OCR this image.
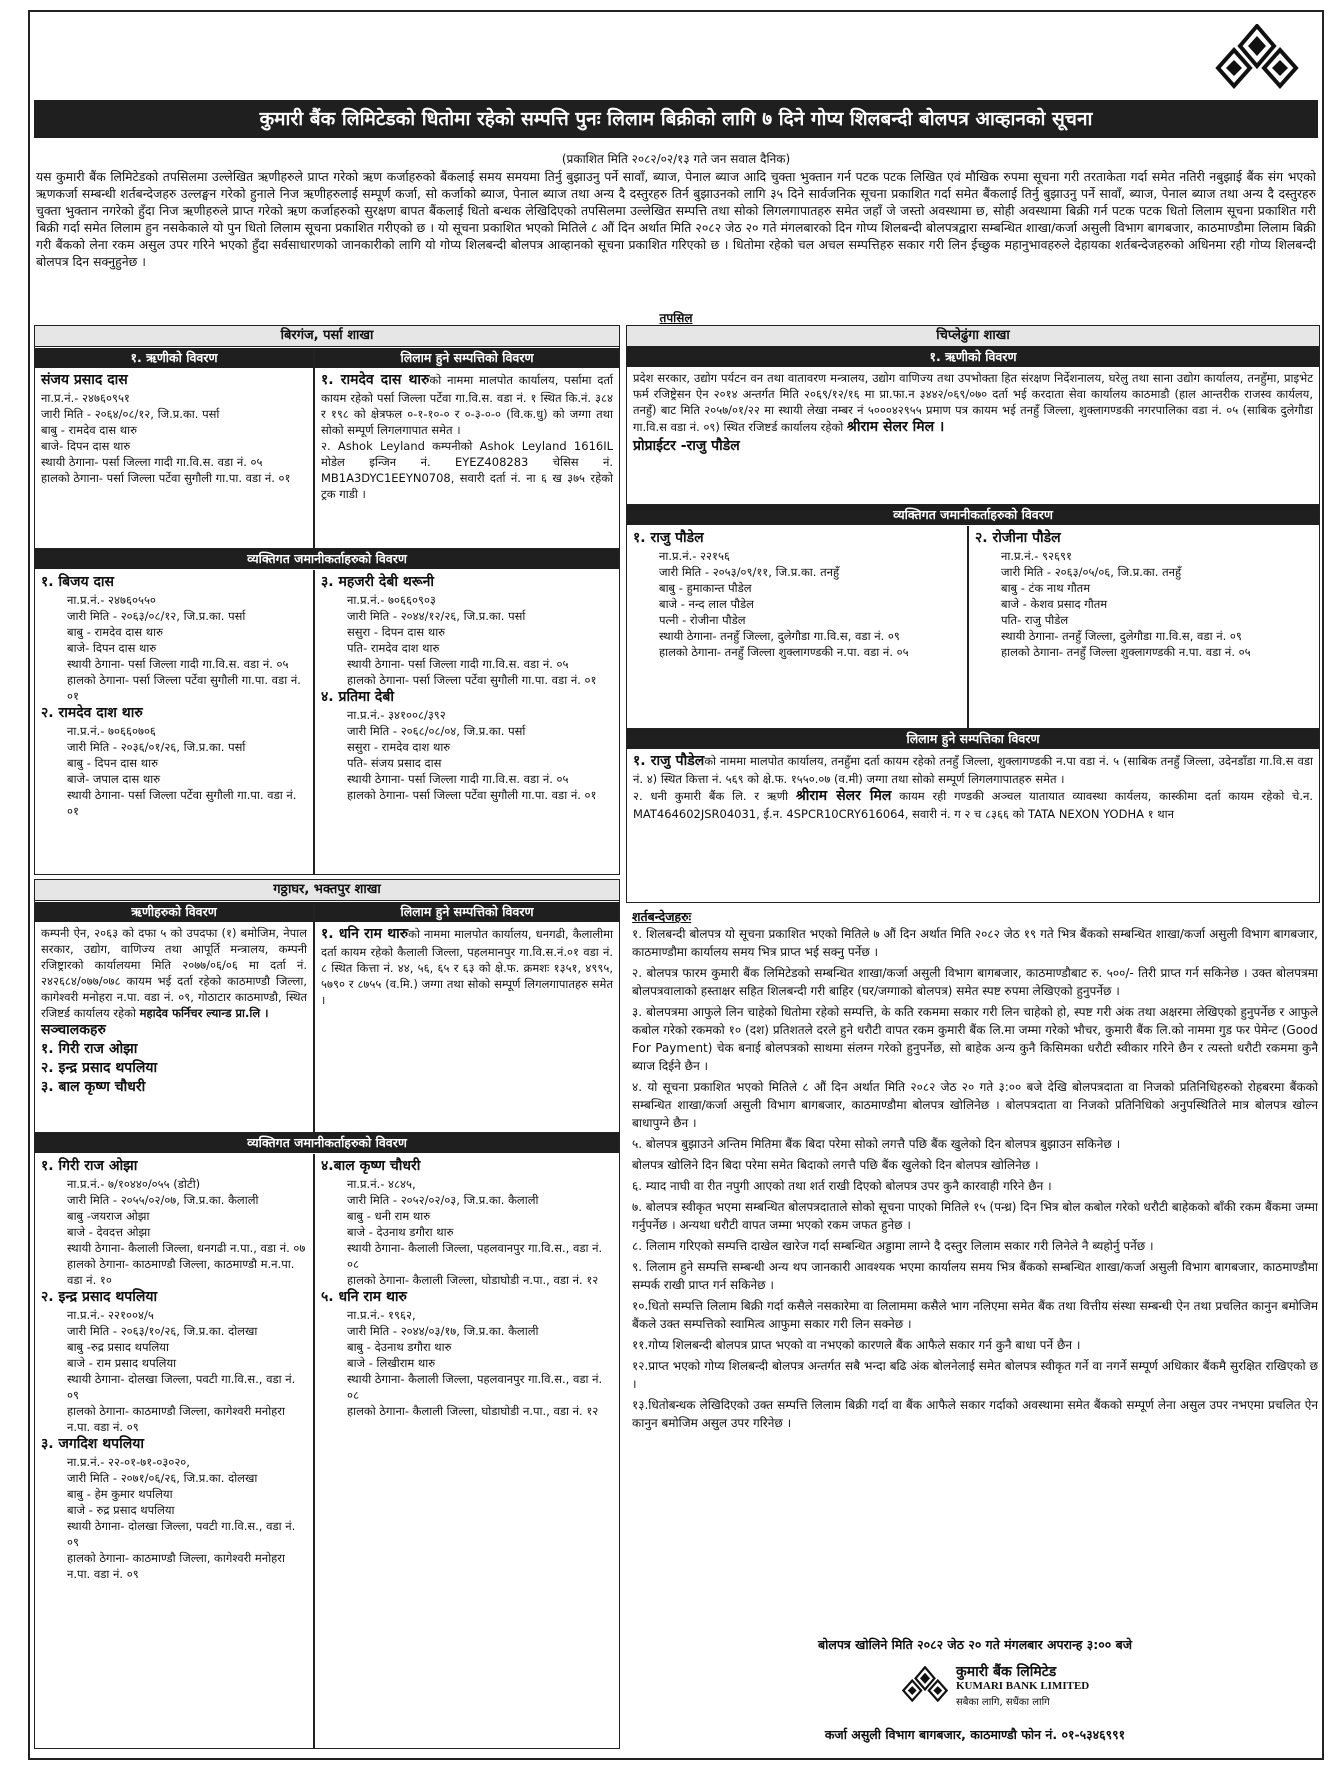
कुमारी बैंक लिमिटेडको धितोमा रहेको सम्पत्ति पुनः लिलाम बिक्रीको लागि ७ दिने गोप्य शिलबन्दी बोलपत्र आव्हानको सूचना
(प्रकाशित मिति २०८२/०२/१३ गते जन सवाल दैनिक)
यस कुमारी बैंक लिमिटेडको तपसिलमा उल्लेखित ऋणीहरुले प्राप्त गरेको ऋण कर्जाहरुको बैंकलाई समय समयमा तिर्नु बुझाउनु पर्ने सावाँ, ब्याज, पेनाल ब्याज आदि चुक्ता भुक्तान गर्न पटक पटक लिखित एवं मौखिक रुपमा सूचना गरी तरताकेता गर्दा समेत नतिरी नबुझाई बैंक संग भएको ऋणकर्जा सम्बन्धी शर्तबन्देजहरु उल्लङ्घन गरेको हुनाले निज ऋणीहरुलाई सम्पूर्ण कर्जा, सो कर्जाको ब्याज, पेनाल ब्याज तथा अन्य दै दस्तुरहरु तिर्न बुझाउनको लागि ३५ दिने सार्वजनिक सूचना प्रकाशित गर्दा समेत बैंकलाई तिर्नु बुझाउनु पर्ने सावाँ, ब्याज, पेनाल ब्याज तथा अन्य दै दस्तुरहरु चुक्ता भुक्तान नगरेको हुँदा निज ऋणीहरुले प्राप्त गरेको ऋण कर्जाहरुको सुरक्षण बापत बैंकलाई धितो बन्धक लेखिदिएको तपसिलमा उल्लेखित सम्पत्ति तथा सोको लिगलगापातहरु समेत जहाँ जे जस्तो अवस्थामा छ, सोही अवस्थामा बिक्री गर्न पटक पटक धितो लिलाम सूचना प्रकाशित गरी बिक्री गर्दा समेत लिलाम हुन नसकेकाले यो पुन धितो लिलाम सूचना प्रकाशित गरीएको छ । यो सूचना प्रकाशित भएको मितिले ८ औं दिन अर्थात मिति २०८२ जेठ २० गते मंगलबारको दिन गोप्य शिलबन्दी बोलपत्रद्वारा सम्बन्धित शाखा/कर्जा असुली विभाग बागबजार, काठमाण्डौमा लिलाम बिक्री गरी बैंकको लेना रकम असुल उपर गरिने भएको हुँदा सर्वसाधारणको जानकारीको लागि यो गोप्य शिलबन्दी बोलपत्र आव्हानको सूचना प्रकाशित गरिएको छ । धितोमा रहेको चल अचल सम्पत्तिहरु सकार गरी लिन ईच्छुक महानुभावहरुले देहायका शर्तबन्देजहरुको अधिनमा रही गोप्य शिलबन्दी बोलपत्र दिन सक्नुहुनेछ ।
तपसिल
बिरगंज, पर्सा शाखा
१. ऋणीको विवरण
संजय प्रसाद दास
ना.प्र.नं.- २४७६०९५१
जारी मिति - २०६४/०८/१२, जि.प्र.का. पर्सा
बाबु - रामदेव दास थारु
बाजे- दिपन दास थारु
स्थायी ठेगाना- पर्सा जिल्ला गादी गा.वि.स. वडा नं. ०५
हालको ठेगाना- पर्सा जिल्ला पर्टेवा सुगौली गा.पा. वडा नं. ०१
लिलाम हुने सम्पत्तिको विवरण
१. रामदेव दास थारुको नाममा मालपोत कार्यालय, पर्सामा दर्ता कायम रहेको पर्सा जिल्ला पर्टेवा गा.वि.स. वडा नं. १ स्थित कि.नं. ३८४ र १९८ को क्षेत्रफल ०-१-१०-० र ०-३-०-० (वि.क.धु) को जग्गा तथा सोको सम्पूर्ण लिगलगापात समेत ।
२. Ashok Leyland कम्पनीको Ashok Leyland 1616IL मोडेल इन्जिन नं. EYEZ408283 चेसिस नं. MB1A3DYC1EEYN0708, सवारी दर्ता नं. ना ६ ख ३७५ रहेको ट्रक गाडी ।
व्यक्तिगत जमानीकर्ताहरुको विवरण
१. बिजय दास
ना.प्र.नं.- २४७६०५५०
जारी मिति - २०६३/०८/१२, जि.प्र.का. पर्सा
बाबु - रामदेव दास थारु
बाजे- दिपन दास थारु
स्थायी ठेगाना- पर्सा जिल्ला गादी गा.वि.स. वडा नं. ०५
हालको ठेगाना- पर्सा जिल्ला पर्टेवा सुगौली गा.पा. वडा नं. ०१
२. रामदेव दाश थारु
ना.प्र.नं.- ७०६६०७०६
जारी मिति - २०३६/०१/२६, जि.प्र.का. पर्सा
बाबु - दिपन दास थारु
बाजे- जपाल दास थारु
स्थायी ठेगाना- पर्सा जिल्ला पर्टेवा सुगौली गा.पा. वडा नं. ०१
३. महजरी देबी थरूनी
ना.प्र.नं.- ७०६६०९०३
जारी मिति - २०४४/१२/२६, जि.प्र.का. पर्सा
ससुरा - दिपन दास थारु
पति- रामदेव दाश थारु
स्थायी ठेगाना- पर्सा जिल्ला गादी गा.वि.स. वडा नं. ०५
हालको ठेगाना- पर्सा जिल्ला पर्टेवा सुगौली गा.पा. वडा नं. ०१
४. प्रतिमा देबी
ना.प्र.नं.- ३४१००८/३९२
जारी मिति - २०६८/०८/०४, जि.प्र.का. पर्सा
ससुरा - रामदेव दाश थारु
पति- संजय प्रसाद दास
स्थायी ठेगाना- पर्सा जिल्ला गादी गा.वि.स. वडा नं. ०५
हालको ठेगाना- पर्सा जिल्ला पर्टेवा सुगौली गा.पा. वडा नं. ०१
गठ्ठाघर, भक्तपुर शाखा
ऋणीहरुको विवरण
कम्पनी ऐन, २०६३ को दफा ५ को उपदफा (१) बमोजिम, नेपाल सरकार, उद्योग, वाणिज्य तथा आपूर्ति मन्त्रालय, कम्पनी रजिष्ट्रारको कार्यालयमा मिति २०७७/०६/०६ मा दर्ता नं. २४२६८४/०७७/०७८ कायम भई दर्ता रहेको काठमाण्डौ जिल्ला, कागेश्वरी मनोहरा न.पा. वडा नं. ०९, गोठाटार काठमाण्डौ, स्थित रजिष्टर्ड कार्यालय रहेको महादेव फर्निचर ल्यान्ड प्रा.लि ।
सञ्चालकहरु
१. गिरी राज ओझा
२. इन्द्र प्रसाद थपलिया
३. बाल कृष्ण चौधरी
लिलाम हुने सम्पत्तिको विवरण
१. धनि राम थारुको नाममा मालपोत कार्यालय, धनगढी, कैलालीमा दर्ता कायम रहेको कैलाली जिल्ला, पहलमानपुर गा.वि.स.नं.०१ वडा नं. ८ स्थित कित्ता नं. ४४, ५६, ६५ र ६३ को क्षे.फ. क्रमशः १३५१, ४९९५, ५७९० र ८७५५ (व.मि.) जग्गा तथा सोको सम्पूर्ण लिगलगापातहरु समेत ।
व्यक्तिगत जमानीकर्ताहरुको विवरण
१. गिरी राज ओझा
ना.प्र.नं.- ७/१०४४०/०५५ (डोटी)
जारी मिति - २०५५/०२/०७, जि.प्र.का. कैलाली
बाबु -जयराज ओझा
बाजे - देवदत्त ओझा
स्थायी ठेगाना- कैलाली जिल्ला, धनगढी न.पा., वडा नं. ०७
हालको ठेगाना- काठमाण्डौ जिल्ला, काठमाण्डौ म.न.पा. वडा नं. १०
२. इन्द्र प्रसाद थपलिया
ना.प्र.नं.- २२१००४/५
जारी मिति - २०६३/१०/२६, जि.प्र.का. दोलखा
बाबु -रुद्र प्रसाद थपलिया
बाजे - राम प्रसाद थपलिया
स्थायी ठेगाना- दोलखा जिल्ला, पवटी गा.वि.स., वडा नं. ०९
हालको ठेगाना- काठमाण्डौ जिल्ला, कागेश्वरी मनोहरा न.पा. वडा नं. ०९
३. जगदिश थपलिया
ना.प्र.नं.- २२-०१-७१-०३०२०,
जारी मिति - २०७१/०६/२६, जि.प्र.का. दोलखा
बाबु - हेम कुमार थपलिया
बाजे - रुद्र प्रसाद थपलिया
स्थायी ठेगाना- दोलखा जिल्ला, पवटी गा.वि.स., वडा नं. ०९
हालको ठेगाना- काठमाण्डौ जिल्ला, कागेश्वरी मनोहरा न.पा. वडा नं. ०९
४.बाल कृष्ण चौधरी
ना.प्र.नं.- ४८४५,
जारी मिति - २०५२/०२/०३, जि.प्र.का. कैलाली
बाबु - धनी राम थारु
बाजे - देउनाथ डगौरा थारु
स्थायी ठेगाना- कैलाली जिल्ला, पहलवानपुर गा.वि.स., वडा नं. ०८
हालको ठेगाना- कैलाली जिल्ला, घोडाघोडी न.पा., वडा नं. १२
५. धनि राम थारु
ना.प्र.नं.- १९६२,
जारी मिति - २०४४/०३/१७, जि.प्र.का. कैलाली
बाबु - देउनाथ डगौरा थारु
बाजे - लिखीराम थारु
स्थायी ठेगाना- कैलाली जिल्ला, पहलवानपुर गा.वि.स., वडा नं. ०८
हालको ठेगाना- कैलाली जिल्ला, घोडाघोडी न.पा., वडा नं. १२
चिप्लेढुंगा शाखा
१. ऋणीको विवरण
प्रदेश सरकार, उद्योग पर्यटन वन तथा वातावरण मन्त्रालय, उद्योग वाणिज्य तथा उपभोक्ता हित संरक्षण निर्देशनालय, घरेलु तथा साना उद्योग कार्यालय, तनहुँमा, प्राइभेट फर्म रजिष्ट्रेसन ऐन २०१४ अन्तर्गत मिति २०६९/१२/१६ मा प्रा.फा.न ३४४२/०६९/०७० दर्ता भई करदाता सेवा कार्यालय काठमाडौ (हाल आन्तरीक राजस्व कार्यलय, तनहुँ) बाट मिति २०५७/०१/२२ मा स्थायी लेखा नम्बर नं ५०००४२९५५ प्रमाण पत्र कायम भई तनहुँ जिल्ला, शुक्लागण्डकी नगरपालिका वडा नं. ०५ (साबिक दुलेगौडा गा.वि.स वडा नं. ०९) स्थित रजिष्टर्ड कार्यालय रहेको श्रीराम सेलर मिल ।
प्रोप्राईटर -राजु पौडेल
व्यक्तिगत जमानीकर्ताहरुको विवरण
१. राजु पौडेल
ना.प्र.नं.- २२१५६
जारी मिति - २०५३/०९/११, जि.प्र.का. तनहुँ
बाबु - हुमाकान्त पौडेल
बाजे - नन्द लाल पौडेल
पत्नी - रोजीना पौडेल
स्थायी ठेगाना- तनहुँ जिल्ला, दुलेगौडा गा.वि.स, वडा नं. ०९
हालको ठेगाना- तनहुँ जिल्ला शुक्लागण्डकी न.पा. वडा नं. ०५
२. रोजीना पौडेल
ना.प्र.नं.- ९२६९१
जारी मिति - २०६३/०५/०६, जि.प्र.का. तनहुँ
बाबु - टंक नाथ गौतम
बाजे - केशव प्रसाद गौतम
पति- राजु पौडेल
स्थायी ठेगाना- तनहुँ जिल्ला, दुलेगौडा गा.वि.स, वडा नं. ०९
हालको ठेगाना- तनहुँ जिल्ला शुक्लागण्डकी न.पा. वडा नं. ०५
लिलाम हुने सम्पत्तिका विवरण
१. राजु पौडेलको नाममा मालपोत कार्यालय, तनहुँमा दर्ता कायम रहेको तनहुँ जिल्ला, शुक्लागण्डकी न.पा वडा नं. ५ (साबिक तनहुँ जिल्ला, उदेनडाँडा गा.वि.स वडा नं. ४) स्थित कित्ता नं. ५६९ को क्षे.फ. १५५०.०७ (व.मी) जग्गा तथा सोको सम्पूर्ण लिगलगापातहरु समेत ।
२. धनी कुमारी बैंक लि. र ऋणी श्रीराम सेलर मिल कायम रही गण्डकी अञ्चल यातायात व्यावस्था कार्यलय, कास्कीमा दर्ता कायम रहेको चे.न. MAT464602JSR04031, ई.न. 4SPCR10CRY616064, सवारी नं. ग २ च ८३६६ को TATA NEXON YODHA १ थान
शर्तबन्देजहरुः
१. शिलबन्दी बोलपत्र यो सूचना प्रकाशित भएको मितिले ७ औं दिन अर्थात मिति २०८२ जेठ १९ गते भित्र बैंकको सम्बन्धित शाखा/कर्जा असुली विभाग बागबजार, काठमाण्डौमा कार्यालय समय भित्र प्राप्त भई सक्नु पर्नेछ ।
२. बोलपत्र फारम कुमारी बैंक लिमिटेडको सम्बन्धित शाखा/कर्जा असुली विभाग बागबजार, काठमाण्डौबाट रु. ५००/- तिरी प्राप्त गर्न सकिनेछ । उक्त बोलपत्रमा बोलपत्रवालाको हस्ताक्षर सहित शिलबन्दी गरी बाहिर (घर/जग्गाको बोलपत्र) समेत स्पष्ट रुपमा लेखिएको हुनुपर्नेछ ।
३. बोलपत्रमा आफुले लिन चाहेको धितोमा रहेको सम्पत्ति, के कति रकममा सकार गरी लिन चाहेको हो, स्पष्ट गरी अंक तथा अक्षरमा लेखिएको हुनुपर्नेछ र आफुले कबोल गरेको रकमको १० (दश) प्रतिशतले दरले हुने धरौटी वापत रकम कुमारी बैंक लि.मा जम्मा गरेको भौचर, कुमारी बैंक लि.को नाममा गुड फर पेमेन्ट (Good For Payment) चेक बनाई बोलपत्रको साथमा संलग्न गरेको हुनुपर्नेछ, सो बाहेक अन्य कुनै किसिमका धरौटी स्वीकार गरिने छैन र त्यस्तो धरौटी रकममा कुनै ब्याज दिईने छैन ।
४. यो सूचना प्रकाशित भएको मितिले ८ औं दिन अर्थात मिति २०८२ जेठ २० गते ३:०० बजे देखि बोलपत्रदाता वा निजको प्रतिनिधिहरुको रोहबरमा बैंकको सम्बन्धित शाखा/कर्जा असुली विभाग बागबजार, काठमाण्डौमा बोलपत्र खोलिनेछ । बोलपत्रदाता वा निजको प्रतिनिधिको अनुपस्थितिले मात्र बोलपत्र खोल्न बाधापुग्ने छैन ।
५. बोलपत्र बुझाउने अन्तिम मितिमा बैंक बिदा परेमा सोको लगत्तै पछि बैंक खुलेको दिन बोलपत्र बुझाउन सकिनेछ ।
बोलपत्र खोलिने दिन बिदा परेमा समेत बिदाको लगत्तै पछि बैंक खुलेको दिन बोलपत्र खोलिनेछ ।
६. म्याद नाघी वा रीत नपुगी आएको तथा शर्त राखी दिएको बोलपत्र उपर कुनै कारवाही गरिने छैन ।
७. बोलपत्र स्वीकृत भएमा सम्बन्धित बोलपत्रदाताले सोको सूचना पाएको मितिले १५ (पन्ध्र) दिन भित्र बोल कबोल गरेको धरौटी बाहेकको बाँकी रकम बैंकमा जम्मा गर्नुपर्नेछ । अन्यथा धरौटी वापत जम्मा भएको रकम जफत हुनेछ ।
८. लिलाम गरिएको सम्पत्ति दाखेल खारेज गर्दा सम्बन्धित अड्डामा लाग्ने दै दस्तुर लिलाम सकार गरी लिनेले नै ब्यहोर्नु पर्नेछ ।
९. लिलाम हुने सम्पत्ति सम्बन्धी अन्य थप जानकारी आवश्यक भएमा कार्यालय समय भित्र बैंकको सम्बन्धित शाखा/कर्जा असुली विभाग बागबजार, काठमाण्डौमा सम्पर्क राखी प्राप्त गर्न सकिनेछ ।
१०.धितो सम्पत्ति लिलाम बिक्री गर्दा कसैले नसकारेमा वा लिलाममा कसैले भाग नलिएमा समेत बैंक तथा वित्तीय संस्था सम्बन्धी ऐन तथा प्रचलित कानुन बमोजिम बैंकले उक्त सम्पत्तिको स्वामित्व आफुमा सकार गरी लिन सक्नेछ ।
११.गोप्य शिलबन्दी बोलपत्र प्राप्त भएको वा नभएको कारणले बैंक आफैले सकार गर्न कुनै बाधा पर्ने छैन ।
१२.प्राप्त भएको गोप्य शिलबन्दी बोलपत्र अन्तर्गत सबै भन्दा बढि अंक बोलनेलाई समेत बोलपत्र स्वीकृत गर्ने वा नगर्ने सम्पूर्ण अधिकार बैंकमै सुरक्षित राखिएको छ ।
१३.धितोबन्धक लेखिदिएको उक्त सम्पत्ति लिलाम बिक्री गर्दा वा बैंक आफैले सकार गर्दाको अवस्थामा समेत बैंकको सम्पूर्ण लेना असुल उपर नभएमा प्रचलित ऐन कानुन बमोजिम असुल उपर गरिनेछ ।
बोलपत्र खोलिने मिति २०८२ जेठ २० गते मंगलबार अपरान्ह ३:०० बजे
कुमारी बैंक लिमिटेड
KUMARI BANK LIMITED
सबैका लागि, सधैंका लागि
कर्जा असुली विभाग बागबजार, काठमाण्डौ फोन नं. ०१-५३४६९९१
